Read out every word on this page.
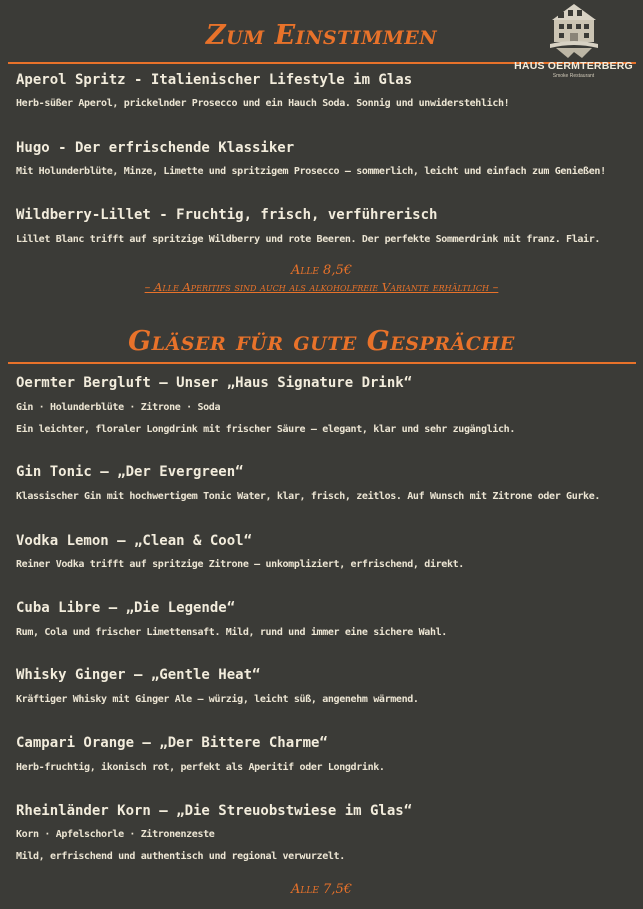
Zum Einstimmen
HAUS OERMTERBERG
Smoke Restaurant
Aperol Spritz - Italienischer Lifestyle im Glas
Herb-süßer Aperol, prickelnder Prosecco und ein Hauch Soda. Sonnig und unwiderstehlich!
Hugo - Der erfrischende Klassiker
Mit Holunderblüte, Minze, Limette und spritzigem Prosecco – sommerlich, leicht und einfach zum Genießen!
Wildberry-Lillet - Fruchtig, frisch, verführerisch
Lillet Blanc trifft auf spritzige Wildberry und rote Beeren. Der perfekte Sommerdrink mit franz. Flair.
Alle 8,5€
– Alle Aperitifs sind auch als alkoholfreie Variante erhältlich –
Gläser für gute Gespräche
Oermter Bergluft – Unser „Haus Signature Drink“
Gin · Holunderblüte · Zitrone · Soda
Ein leichter, floraler Longdrink mit frischer Säure – elegant, klar und sehr zugänglich.
Gin Tonic – „Der Evergreen“
Klassischer Gin mit hochwertigem Tonic Water, klar, frisch, zeitlos. Auf Wunsch mit Zitrone oder Gurke.
Vodka Lemon – „Clean & Cool“
Reiner Vodka trifft auf spritzige Zitrone – unkompliziert, erfrischend, direkt.
Cuba Libre – „Die Legende“
Rum, Cola und frischer Limettensaft. Mild, rund und immer eine sichere Wahl.
Whisky Ginger – „Gentle Heat“
Kräftiger Whisky mit Ginger Ale – würzig, leicht süß, angenehm wärmend.
Campari Orange – „Der Bittere Charme“
Herb-fruchtig, ikonisch rot, perfekt als Aperitif oder Longdrink.
Rheinländer Korn – „Die Streuobstwiese im Glas“
Korn · Apfelschorle · Zitronenzeste
Mild, erfrischend und authentisch und regional verwurzelt.
Alle 7,5€
